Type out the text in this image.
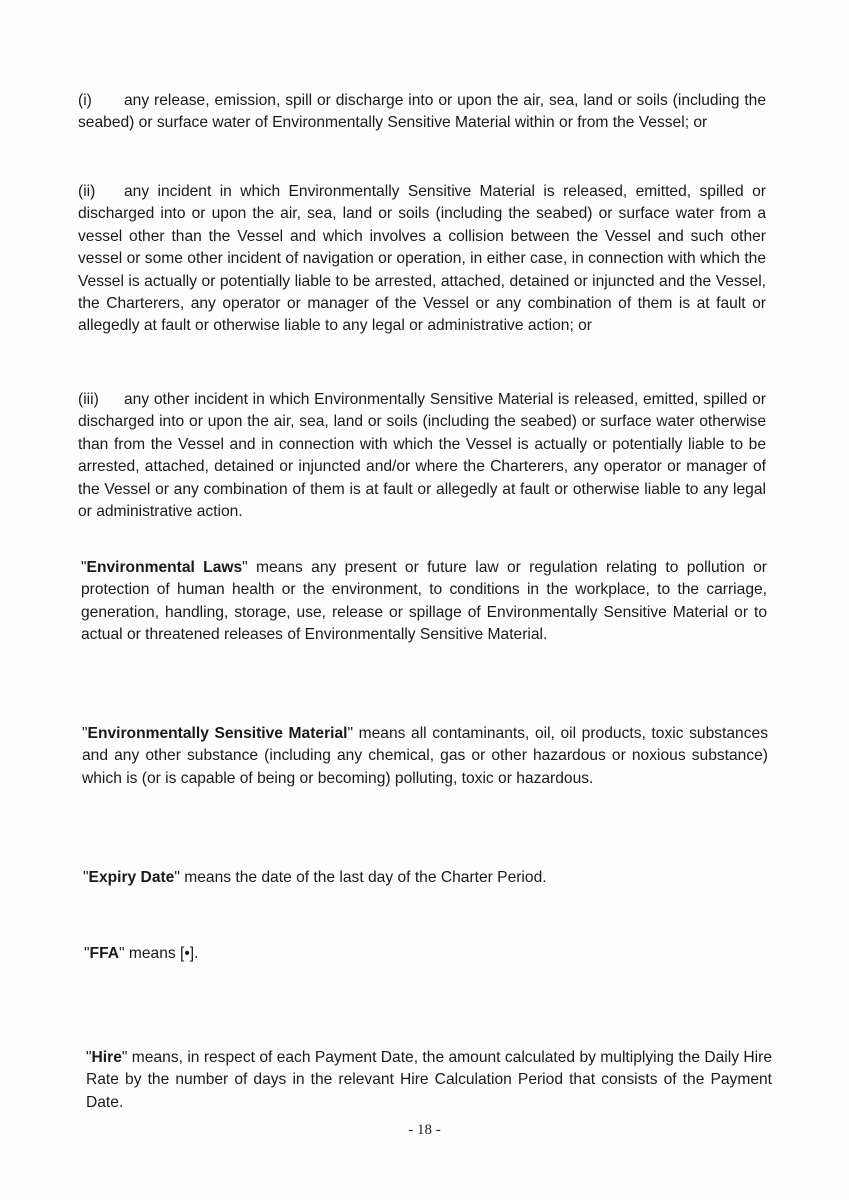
(i) any release, emission, spill or discharge into or upon the air, sea, land or soils (including the seabed) or surface water of Environmentally Sensitive Material within or from the Vessel; or
(ii) any incident in which Environmentally Sensitive Material is released, emitted, spilled or discharged into or upon the air, sea, land or soils (including the seabed) or surface water from a vessel other than the Vessel and which involves a collision between the Vessel and such other vessel or some other incident of navigation or operation, in either case, in connection with which the Vessel is actually or potentially liable to be arrested, attached, detained or injuncted and the Vessel, the Charterers, any operator or manager of the Vessel or any combination of them is at fault or allegedly at fault or otherwise liable to any legal or administrative action; or
(iii) any other incident in which Environmentally Sensitive Material is released, emitted, spilled or discharged into or upon the air, sea, land or soils (including the seabed) or surface water otherwise than from the Vessel and in connection with which the Vessel is actually or potentially liable to be arrested, attached, detained or injuncted and/or where the Charterers, any operator or manager of the Vessel or any combination of them is at fault or allegedly at fault or otherwise liable to any legal or administrative action.
"Environmental Laws" means any present or future law or regulation relating to pollution or protection of human health or the environment, to conditions in the workplace, to the carriage, generation, handling, storage, use, release or spillage of Environmentally Sensitive Material or to actual or threatened releases of Environmentally Sensitive Material.
"Environmentally Sensitive Material" means all contaminants, oil, oil products, toxic substances and any other substance (including any chemical, gas or other hazardous or noxious substance) which is (or is capable of being or becoming) polluting, toxic or hazardous.
"Expiry Date" means the date of the last day of the Charter Period.
"FFA" means [•].
"Hire" means, in respect of each Payment Date, the amount calculated by multiplying the Daily Hire Rate by the number of days in the relevant Hire Calculation Period that consists of the Payment Date.
- 18 -
